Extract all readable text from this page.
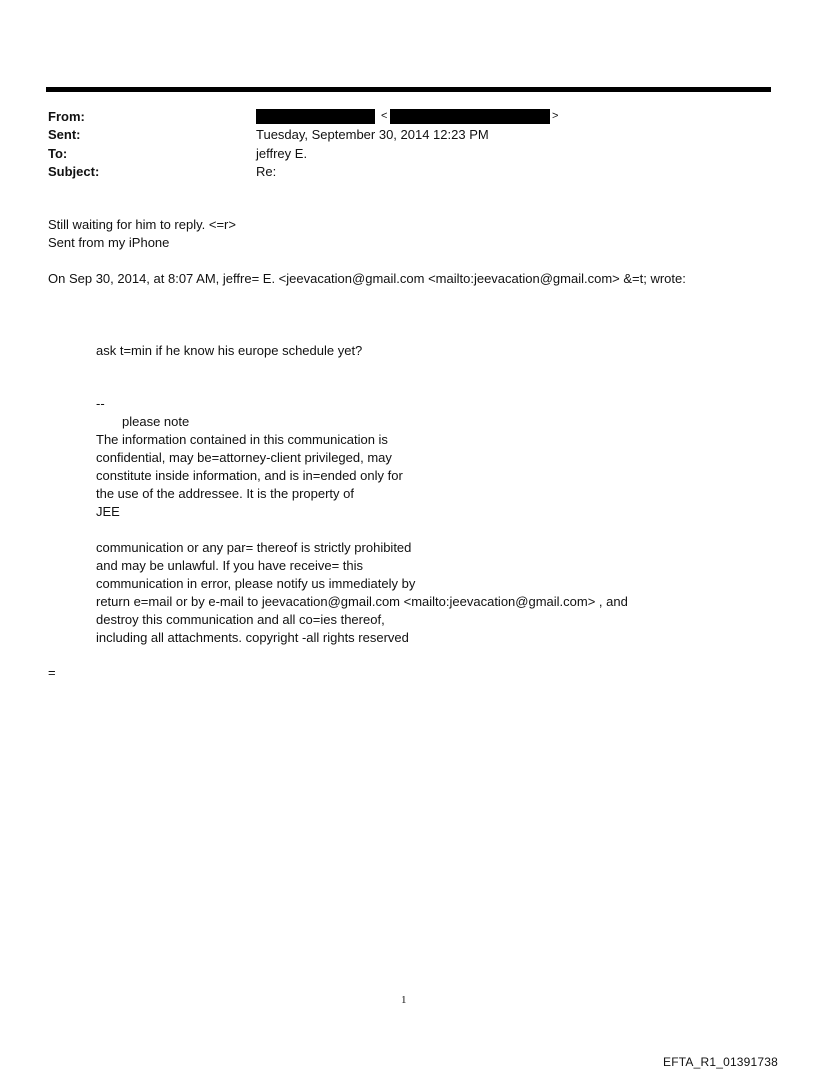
From:	<	>
Sent:	Tuesday, September 30, 2014 12:23 PM
To:	jeffrey E.
Subject:	Re:
Still waiting for him to reply. <=r>
Sent from my iPhone
On Sep 30, 2014, at 8:07 AM, jeffre= E. <jeevacation@gmail.com <mailto:jeevacation@gmail.com> &=t; wrote:
ask t=min if he know his europe schedule yet?
--
please note
The information contained in this communication is
confidential, may be=attorney-client privileged, may
constitute inside information, and is in=ended only for
the use of the addressee. It is the property of
JEE
communication or any par= thereof is strictly prohibited
and may be unlawful. If you have receive= this
communication in error, please notify us immediately by
return e=mail or by e-mail to jeevacation@gmail.com <mailto:jeevacation@gmail.com> , and
destroy this communication and all co=ies thereof,
including all attachments. copyright -all rights reserved
=
1
EFTA_R1_01391738
